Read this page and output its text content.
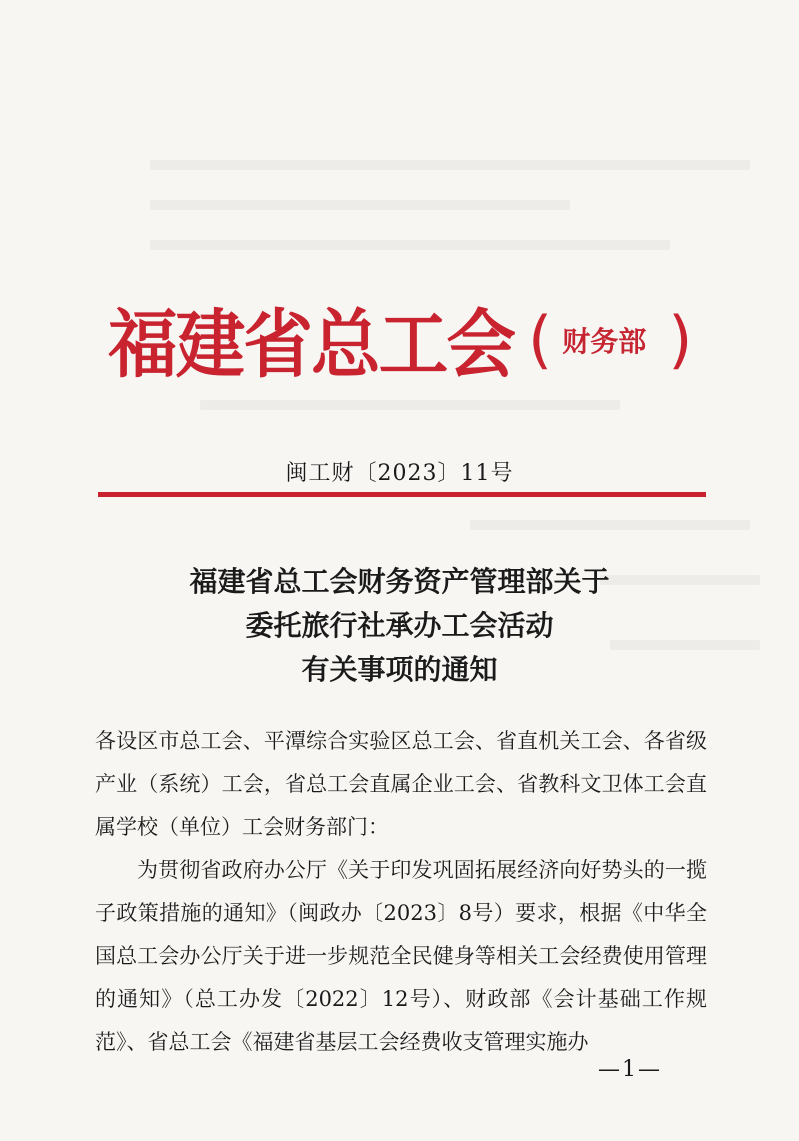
福建省总工会 ( 财务部 )
闽工财〔2023〕11号
福建省总工会财务资产管理部关于
委托旅行社承办工会活动
有关事项的通知

各设区市总工会、平潭综合实验区总工会、省直机关工会、各省级产业（系统）工会，省总工会直属企业工会、省教科文卫体工会直属学校（单位）工会财务部门：

为贯彻省政府办公厅《关于印发巩固拓展经济向好势头的一揽子政策措施的通知》（闽政办〔2023〕8号）要求，根据《中华全国总工会办公厅关于进一步规范全民健身等相关工会经费使用管理的通知》（总工办发〔2022〕12号）、财政部《会计基础工作规范》、省总工会《福建省基层工会经费收支管理实施办

—1—
